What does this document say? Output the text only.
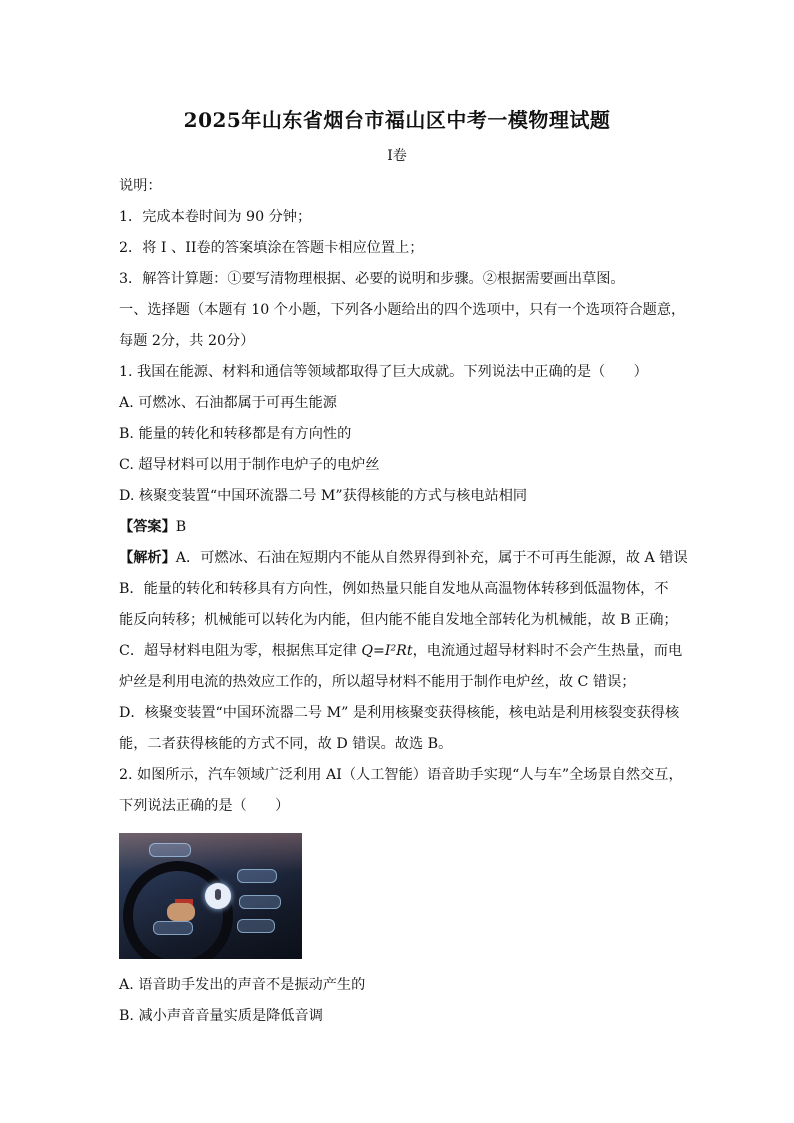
2025年山东省烟台市福山区中考一模物理试题
I卷
说明：
1．完成本卷时间为 90 分钟；
2．将 I 、II卷的答案填涂在答题卡相应位置上；
3．解答计算题：①要写清物理根据、必要的说明和步骤。②根据需要画出草图。
一、选择题（本题有 10 个小题，下列各小题给出的四个选项中，只有一个选项符合题意，
每题 2分，共 20分）
1. 我国在能源、材料和通信等领域都取得了巨大成就。下列说法中正确的是（　　）
A. 可燃冰、石油都属于可再生能源
B. 能量的转化和转移都是有方向性的
C. 超导材料可以用于制作电炉子的电炉丝
D. 核聚变装置“中国环流器二号 M”获得核能的方式与核电站相同
【答案】B
【解析】A．可燃冰、石油在短期内不能从自然界得到补充，属于不可再生能源，故 A 错误
B．能量的转化和转移具有方向性，例如热量只能自发地从高温物体转移到低温物体，不
能反向转移；机械能可以转化为内能，但内能不能自发地全部转化为机械能，故 B 正确；
C．超导材料电阻为零，根据焦耳定律 Q=I²Rt，电流通过超导材料时不会产生热量，而电
炉丝是利用电流的热效应工作的，所以超导材料不能用于制作电炉丝，故 C 错误；
D．核聚变装置“中国环流器二号 M” 是利用核聚变获得核能，核电站是利用核裂变获得核
能，二者获得核能的方式不同，故 D 错误。故选 B。
2. 如图所示，汽车领域广泛利用 AI（人工智能）语音助手实现“人与车”全场景自然交互，
下列说法正确的是（　　）
A. 语音助手发出的声音不是振动产生的
B. 减小声音音量实质是降低音调
